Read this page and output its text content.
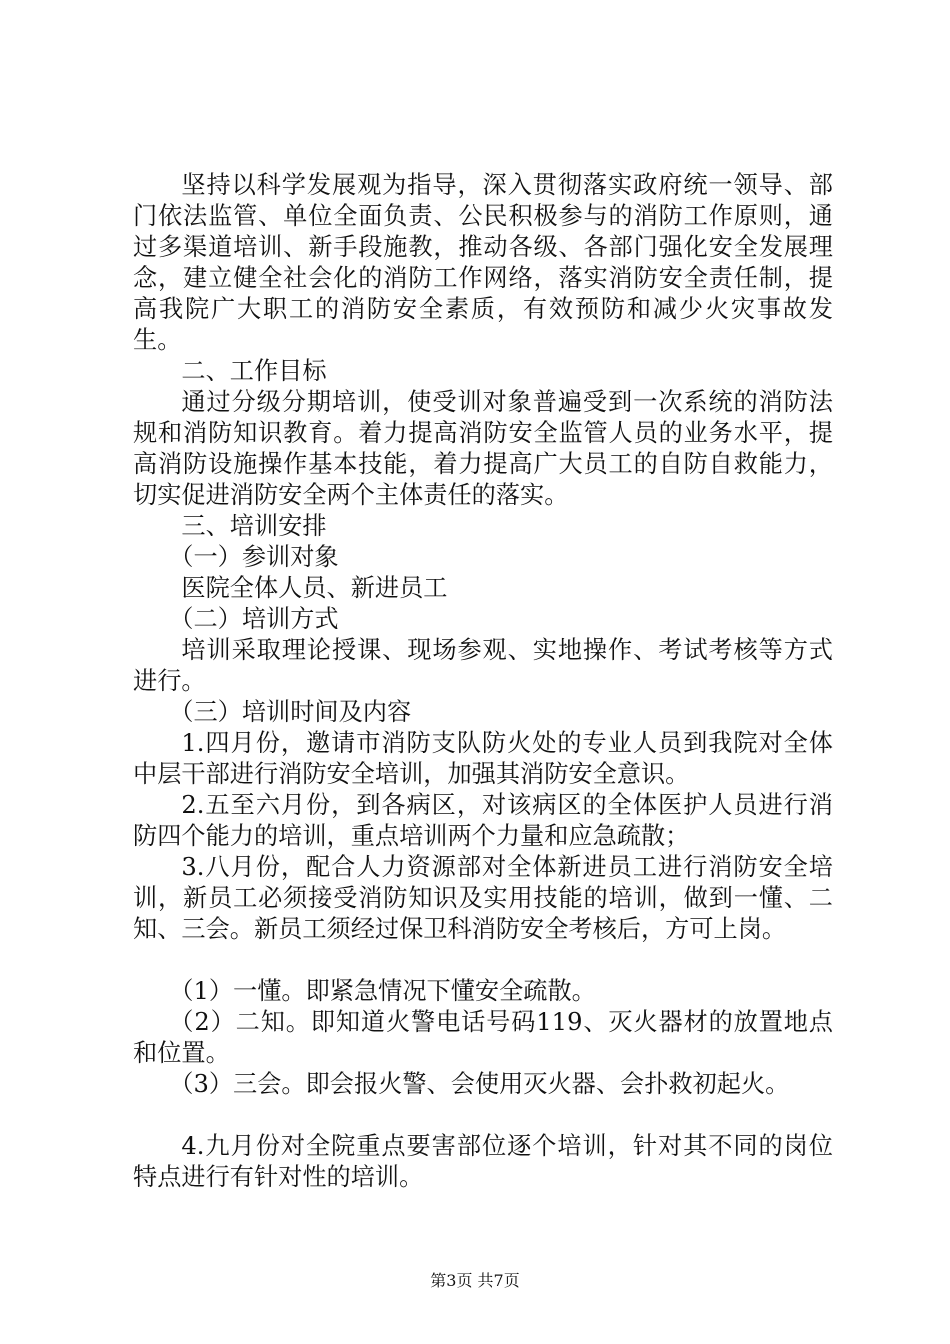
坚持以科学发展观为指导，深入贯彻落实政府统一领导、部门依法监管、单位全面负责、公民积极参与的消防工作原则，通过多渠道培训、新手段施教，推动各级、各部门强化安全发展理念，建立健全社会化的消防工作网络，落实消防安全责任制，提高我院广大职工的消防安全素质，有效预防和减少火灾事故发生。

二、工作目标

通过分级分期培训，使受训对象普遍受到一次系统的消防法规和消防知识教育。着力提高消防安全监管人员的业务水平，提高消防设施操作基本技能，着力提高广大员工的自防自救能力，切实促进消防安全两个主体责任的落实。

三、培训安排

（一）参训对象

医院全体人员、新进员工

（二）培训方式

培训采取理论授课、现场参观、实地操作、考试考核等方式进行。

（三）培训时间及内容

1.四月份，邀请市消防支队防火处的专业人员到我院对全体中层干部进行消防安全培训，加强其消防安全意识。

2.五至六月份，到各病区，对该病区的全体医护人员进行消防四个能力的培训，重点培训两个力量和应急疏散；

3.八月份，配合人力资源部对全体新进员工进行消防安全培训，新员工必须接受消防知识及实用技能的培训，做到一懂、二知、三会。新员工须经过保卫科消防安全考核后，方可上岗。

（1）一懂。即紧急情况下懂安全疏散。

（2）二知。即知道火警电话号码119、灭火器材的放置地点和位置。

（3）三会。即会报火警、会使用灭火器、会扑救初起火。

4.九月份对全院重点要害部位逐个培训，针对其不同的岗位特点进行有针对性的培训。

第3页 共7页
